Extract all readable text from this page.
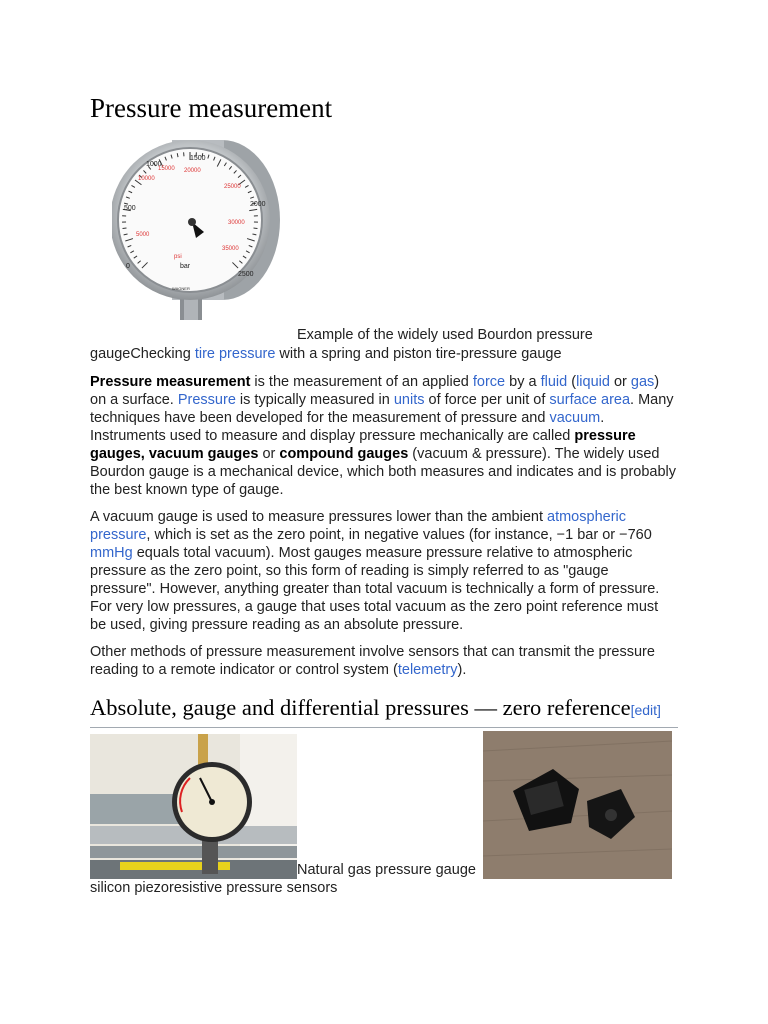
Pressure measurement
1000
1500
500
2000
0
2500
10000
15000 20000
5000
25000
30000
35000
psi
bar
WAGNER
Example of the widely used Bourdon pressure
gaugeChecking tire pressure with a spring and piston tire-pressure gauge

Pressure measurement is the measurement of an applied force by a fluid (liquid or gas) on a surface. Pressure is typically measured in units of force per unit of surface area. Many techniques have been developed for the measurement of pressure and vacuum. Instruments used to measure and display pressure mechanically are called pressure gauges, vacuum gauges or compound gauges (vacuum & pressure). The widely used Bourdon gauge is a mechanical device, which both measures and indicates and is probably the best known type of gauge.

A vacuum gauge is used to measure pressures lower than the ambient atmospheric pressure, which is set as the zero point, in negative values (for instance, −1 bar or −760 mmHg equals total vacuum). Most gauges measure pressure relative to atmospheric pressure as the zero point, so this form of reading is simply referred to as "gauge pressure". However, anything greater than total vacuum is technically a form of pressure. For very low pressures, a gauge that uses total vacuum as the zero point reference must be used, giving pressure reading as an absolute pressure.

Other methods of pressure measurement involve sensors that can transmit the pressure reading to a remote indicator or control system (telemetry).

Absolute, gauge and differential pressures — zero reference[edit]
Natural gas pressure gauge
silicon piezoresistive pressure sensors
